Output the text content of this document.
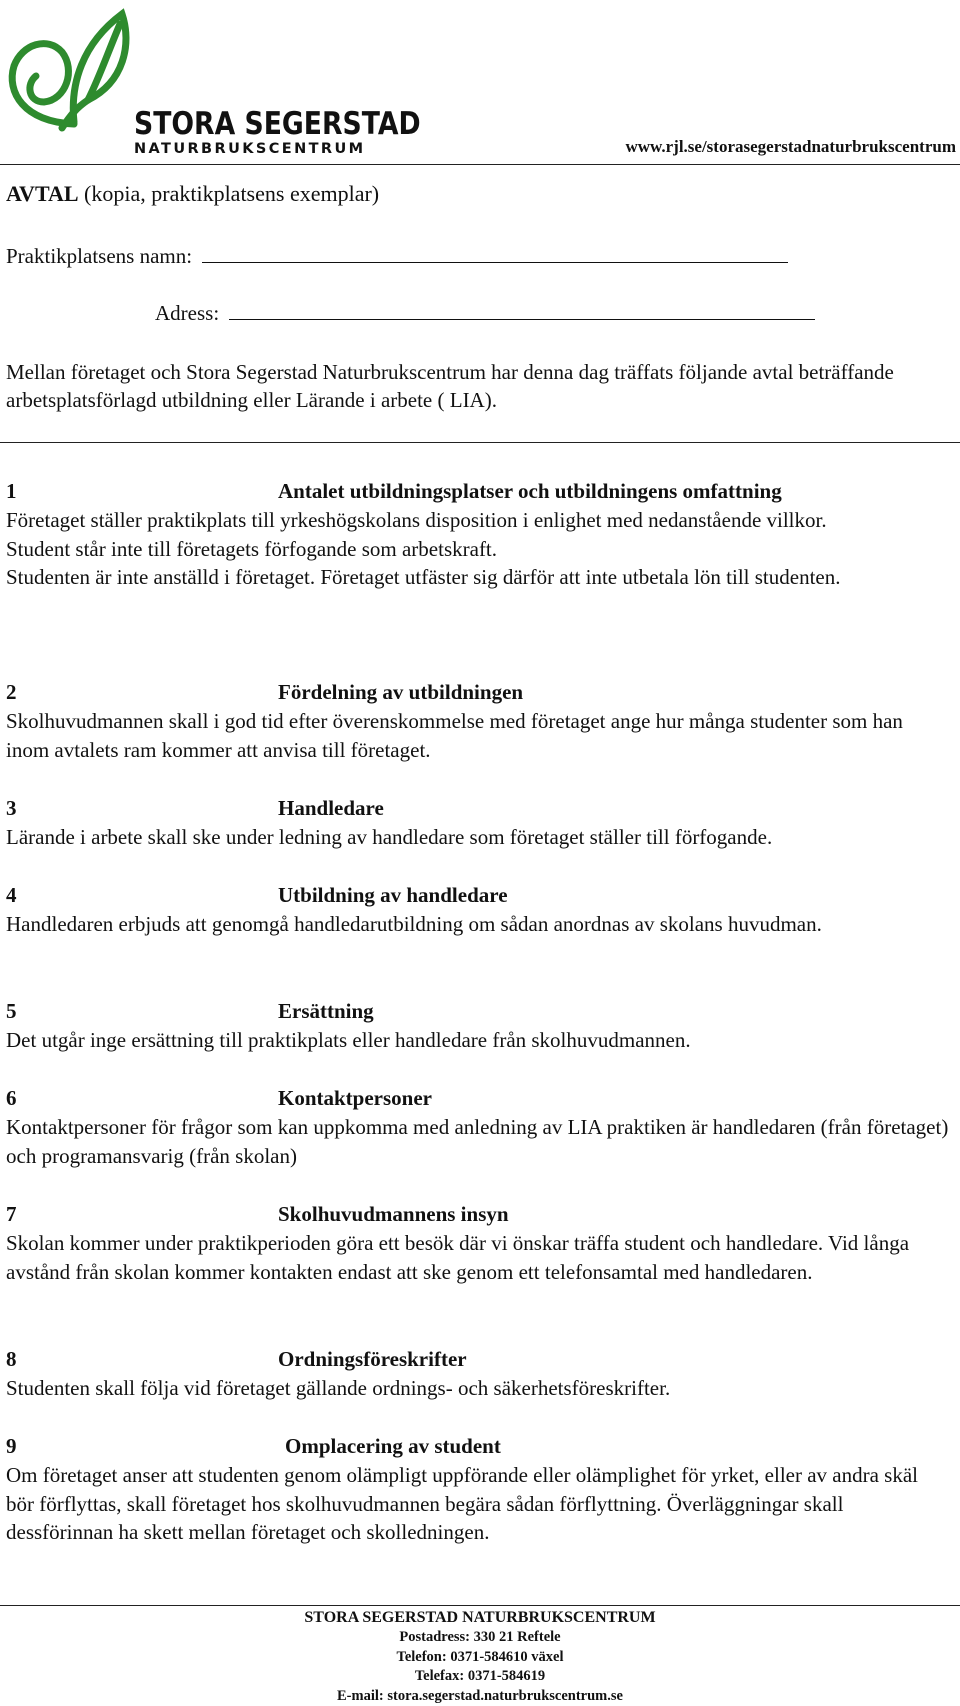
STORA SEGERSTAD
NATURBRUKSCENTRUM	www.rjl.se/storasegerstadnaturbrukscentrum
AVTAL (kopia, praktikplatsens exemplar)
Praktikplatsens namn:
Adress:
Mellan företaget och Stora Segerstad Naturbrukscentrum har denna dag träffats följande avtal beträffande arbetsplatsförlagd utbildning eller Lärande i arbete ( LIA).
1	Antalet utbildningsplatser och utbildningens omfattning

Företaget ställer praktikplats till yrkeshögskolans disposition i enlighet med nedanstående villkor.

Student står inte till företagets förfogande som arbetskraft.

Studenten är inte anställd i företaget. Företaget utfäster sig därför att inte utbetala lön till studenten.

2	Fördelning av utbildningen

Skolhuvudmannen skall i god tid efter överenskommelse med företaget ange hur många studenter som han inom avtalets ram kommer att anvisa till företaget.

3	Handledare

Lärande i arbete skall ske under ledning av handledare som företaget ställer till förfogande.

4	Utbildning av handledare

Handledaren erbjuds att genomgå handledarutbildning om sådan anordnas av skolans huvudman.

5	Ersättning

Det utgår inge ersättning till praktikplats eller handledare från skolhuvudmannen.

6	Kontaktpersoner

Kontaktpersoner för frågor som kan uppkomma med anledning av LIA praktiken är handledaren (från företaget) och programansvarig (från skolan)

7	Skolhuvudmannens insyn

Skolan kommer under praktikperioden göra ett besök där vi önskar träffa student och handledare. Vid långa avstånd från skolan kommer kontakten endast att ske genom ett telefonsamtal med handledaren.

8	Ordningsföreskrifter

Studenten skall följa vid företaget gällande ordnings- och säkerhetsföreskrifter.

9	Omplacering av student

Om företaget anser att studenten genom olämpligt uppförande eller olämplighet för yrket, eller av andra skäl bör förflyttas, skall företaget hos skolhuvudmannen begära sådan förflyttning. Överläggningar skall dessförinnan ha skett mellan företaget och skolledningen.

STORA SEGERSTAD NATURBRUKSCENTRUM
Postadress: 330 21 Reftele
Telefon: 0371-584610 växel
Telefax: 0371-584619
E-mail: stora.segerstad.naturbrukscentrum.se
